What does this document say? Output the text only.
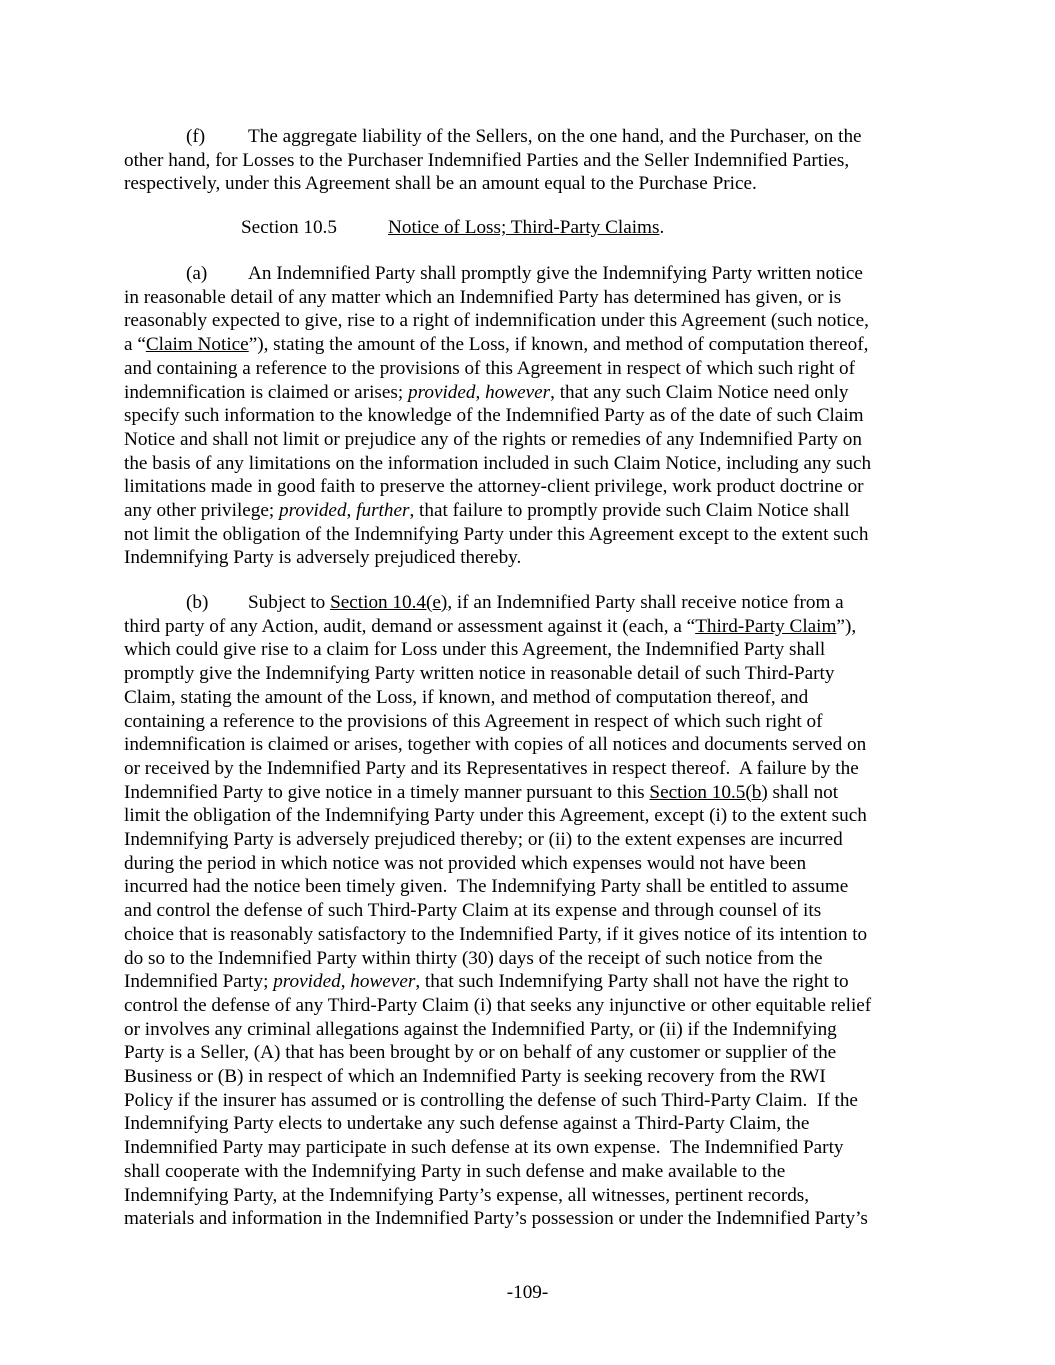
(f) The aggregate liability of the Sellers, on the one hand, and the Purchaser, on the
other hand, for Losses to the Purchaser Indemnified Parties and the Seller Indemnified Parties,
respectively, under this Agreement shall be an amount equal to the Purchase Price.
Section 10.5	Notice of Loss; Third-Party Claims.
(a) An Indemnified Party shall promptly give the Indemnifying Party written notice
in reasonable detail of any matter which an Indemnified Party has determined has given, or is
reasonably expected to give, rise to a right of indemnification under this Agreement (such notice,
a “Claim Notice”), stating the amount of the Loss, if known, and method of computation thereof,
and containing a reference to the provisions of this Agreement in respect of which such right of
indemnification is claimed or arises; provided, however, that any such Claim Notice need only
specify such information to the knowledge of the Indemnified Party as of the date of such Claim
Notice and shall not limit or prejudice any of the rights or remedies of any Indemnified Party on
the basis of any limitations on the information included in such Claim Notice, including any such
limitations made in good faith to preserve the attorney-client privilege, work product doctrine or
any other privilege; provided, further, that failure to promptly provide such Claim Notice shall
not limit the obligation of the Indemnifying Party under this Agreement except to the extent such
Indemnifying Party is adversely prejudiced thereby.
(b) Subject to Section 10.4(e), if an Indemnified Party shall receive notice from a
third party of any Action, audit, demand or assessment against it (each, a “Third-Party Claim”),
which could give rise to a claim for Loss under this Agreement, the Indemnified Party shall
promptly give the Indemnifying Party written notice in reasonable detail of such Third-Party
Claim, stating the amount of the Loss, if known, and method of computation thereof, and
containing a reference to the provisions of this Agreement in respect of which such right of
indemnification is claimed or arises, together with copies of all notices and documents served on
or received by the Indemnified Party and its Representatives in respect thereof.  A failure by the
Indemnified Party to give notice in a timely manner pursuant to this Section 10.5(b) shall not
limit the obligation of the Indemnifying Party under this Agreement, except (i) to the extent such
Indemnifying Party is adversely prejudiced thereby; or (ii) to the extent expenses are incurred
during the period in which notice was not provided which expenses would not have been
incurred had the notice been timely given.  The Indemnifying Party shall be entitled to assume
and control the defense of such Third-Party Claim at its expense and through counsel of its
choice that is reasonably satisfactory to the Indemnified Party, if it gives notice of its intention to
do so to the Indemnified Party within thirty (30) days of the receipt of such notice from the
Indemnified Party; provided, however, that such Indemnifying Party shall not have the right to
control the defense of any Third-Party Claim (i) that seeks any injunctive or other equitable relief
or involves any criminal allegations against the Indemnified Party, or (ii) if the Indemnifying
Party is a Seller, (A) that has been brought by or on behalf of any customer or supplier of the
Business or (B) in respect of which an Indemnified Party is seeking recovery from the RWI
Policy if the insurer has assumed or is controlling the defense of such Third-Party Claim.  If the
Indemnifying Party elects to undertake any such defense against a Third-Party Claim, the
Indemnified Party may participate in such defense at its own expense.  The Indemnified Party
shall cooperate with the Indemnifying Party in such defense and make available to the
Indemnifying Party, at the Indemnifying Party’s expense, all witnesses, pertinent records,
materials and information in the Indemnified Party’s possession or under the Indemnified Party’s
-109-
